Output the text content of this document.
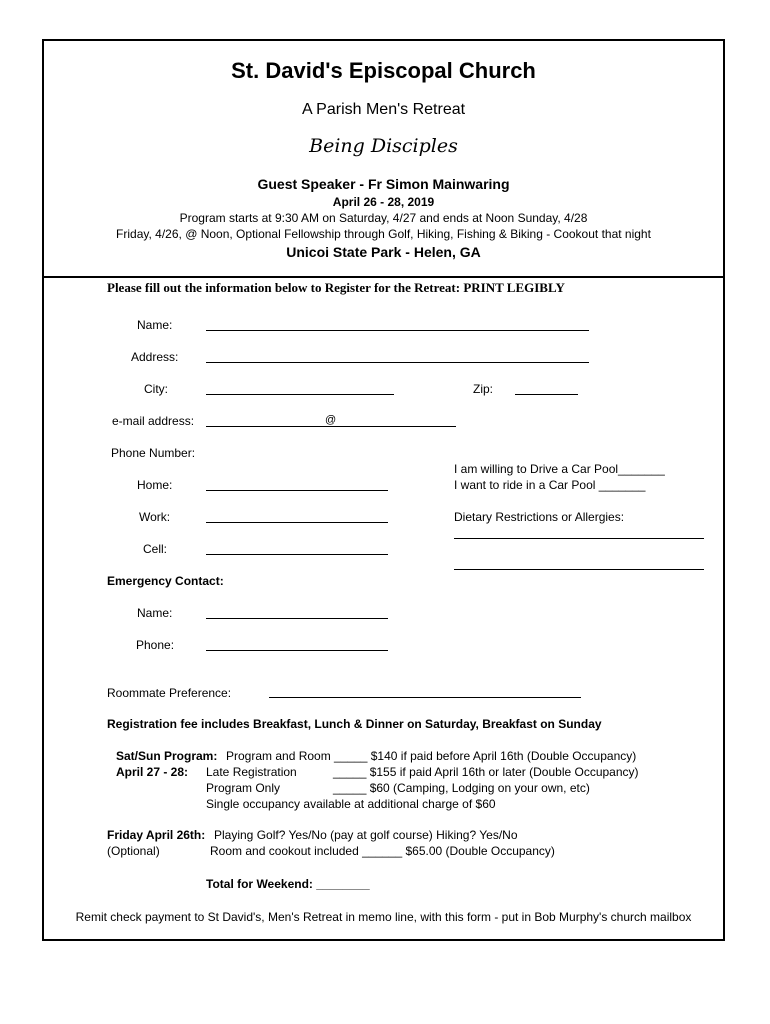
St. David's Episcopal Church
A Parish Men's Retreat
Being Disciples
Guest Speaker - Fr Simon Mainwaring
April 26 - 28, 2019
Program starts at 9:30 AM on Saturday, 4/27 and ends at Noon Sunday, 4/28
Friday, 4/26, @ Noon, Optional Fellowship through Golf, Hiking, Fishing & Biking - Cookout that night
Unicoi State Park - Helen, GA
Please fill out the information below to Register for the Retreat: PRINT LEGIBLY
Name:
Address:
City:	Zip:
e-mail address:	@
Phone Number:
I am willing to Drive a Car Pool_______
Home:	I want to ride in a Car Pool _______
Work:	Dietary Restrictions or Allergies:
Cell:
Emergency Contact:
Name:
Phone:
Roommate Preference:
Registration fee includes Breakfast, Lunch & Dinner on Saturday, Breakfast on Sunday
Sat/Sun Program: Program and Room _____ $140 if paid before April 16th (Double Occupancy)
April 27 - 28: Late Registration	_____ $155 if paid April 16th or later (Double Occupancy)
Program Only	_____ $60 (Camping, Lodging on your own, etc)
Single occupancy available at additional charge of $60
Friday April 26th: Playing Golf? Yes/No (pay at golf course) Hiking? Yes/No
(Optional)	Room and cookout included ______ $65.00 (Double Occupancy)
Total for Weekend: ________
Remit check payment to St David's, Men's Retreat in memo line, with this form - put in Bob Murphy's church mailbox
